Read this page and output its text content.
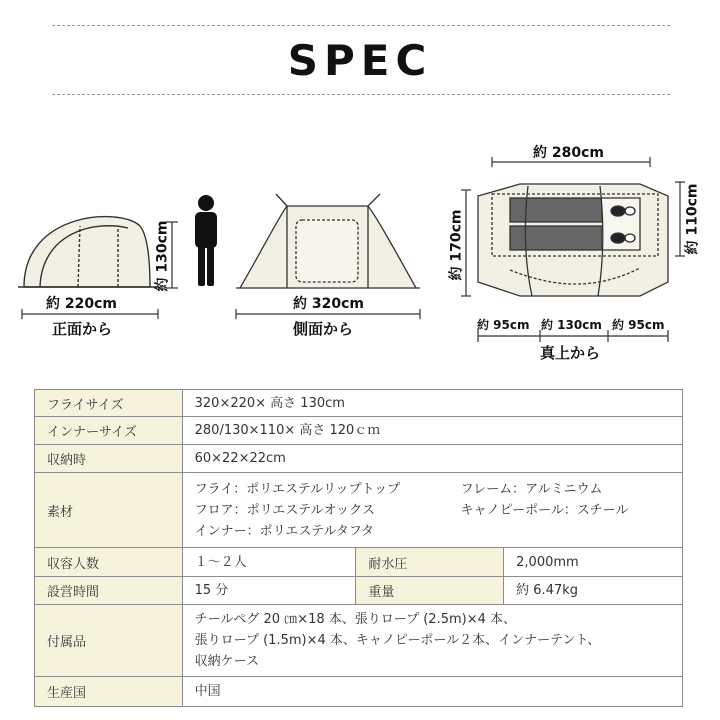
SPEC
約 130cm
約 220cm
正面から
約 320cm
側面から
約 280cm
約 170cm	約 110cm
約 95cm 約 130cm 約 95cm
真上から
フライサイズ	320×220× 高さ 130cm		
インナーサイズ	280/130×110× 高さ 120ｃｍ		
収納時	60×22×22cm		
素材	フライ：ポリエステルリップトップ フレーム：アルミニウム
フロア：ポリエステルオックス キャノピーポール：スチール
インナー：ポリエステルタフタ		

収容人数	１～２人	耐水圧	2,000mm
設営時間	15 分	重量	約 6.47kg
付属品	チールペグ 20 ㎝×18 本、張りロープ (2.5m)×4 本、
張りロープ (1.5m)×4 本、キャノピーポール２本、インナーテント、
収納ケース		

生産国	中国		
